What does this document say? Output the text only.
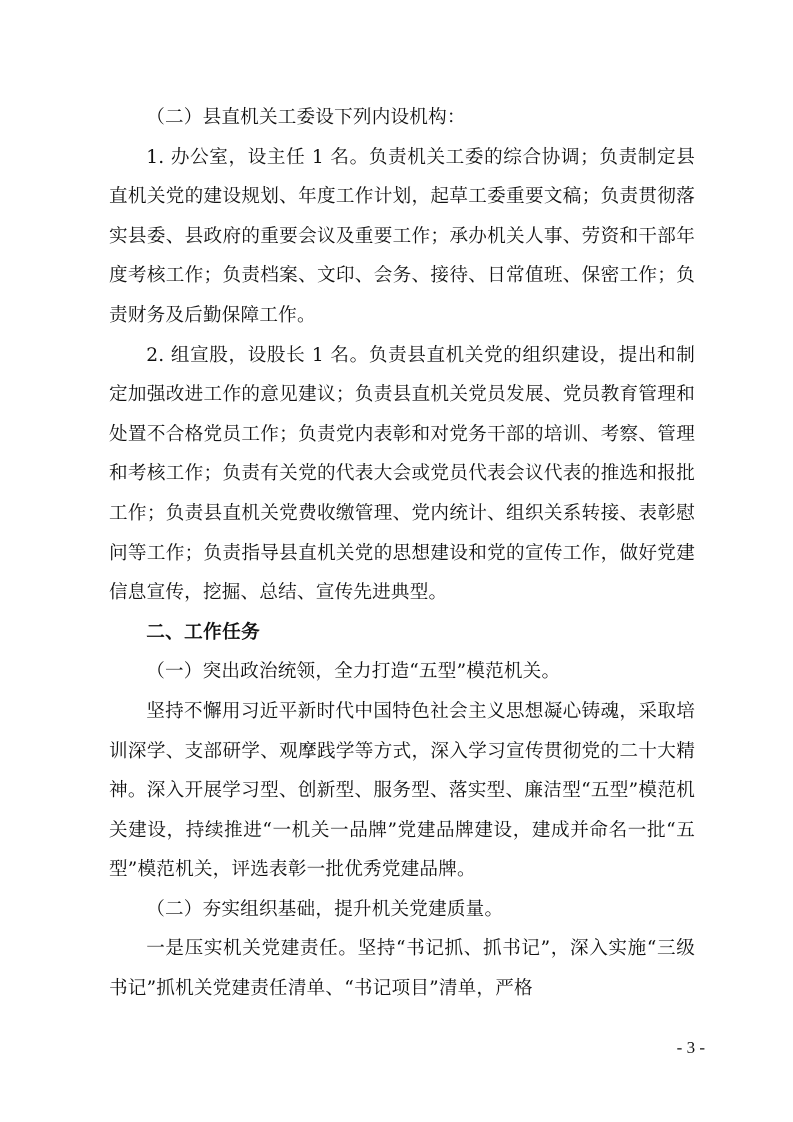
（二）县直机关工委设下列内设机构：

1. 办公室，设主任 1 名。负责机关工委的综合协调；负责制定县直机关党的建设规划、年度工作计划，起草工委重要文稿；负责贯彻落实县委、县政府的重要会议及重要工作；承办机关人事、劳资和干部年度考核工作；负责档案、文印、会务、接待、日常值班、保密工作；负责财务及后勤保障工作。

2. 组宣股，设股长 1 名。负责县直机关党的组织建设，提出和制定加强改进工作的意见建议；负责县直机关党员发展、党员教育管理和处置不合格党员工作；负责党内表彰和对党务干部的培训、考察、管理和考核工作；负责有关党的代表大会或党员代表会议代表的推选和报批工作；负责县直机关党费收缴管理、党内统计、组织关系转接、表彰慰问等工作；负责指导县直机关党的思想建设和党的宣传工作，做好党建信息宣传，挖掘、总结、宣传先进典型。

二、工作任务

（一）突出政治统领，全力打造“五型”模范机关。

坚持不懈用习近平新时代中国特色社会主义思想凝心铸魂，采取培训深学、支部研学、观摩践学等方式，深入学习宣传贯彻党的二十大精神。深入开展学习型、创新型、服务型、落实型、廉洁型“五型”模范机关建设，持续推进“一机关一品牌”党建品牌建设，建成并命名一批“五型”模范机关，评选表彰一批优秀党建品牌。

（二）夯实组织基础，提升机关党建质量。

一是压实机关党建责任。坚持“书记抓、抓书记”，深入实施“三级书记”抓机关党建责任清单、“书记项目”清单，严格

- 3 -
